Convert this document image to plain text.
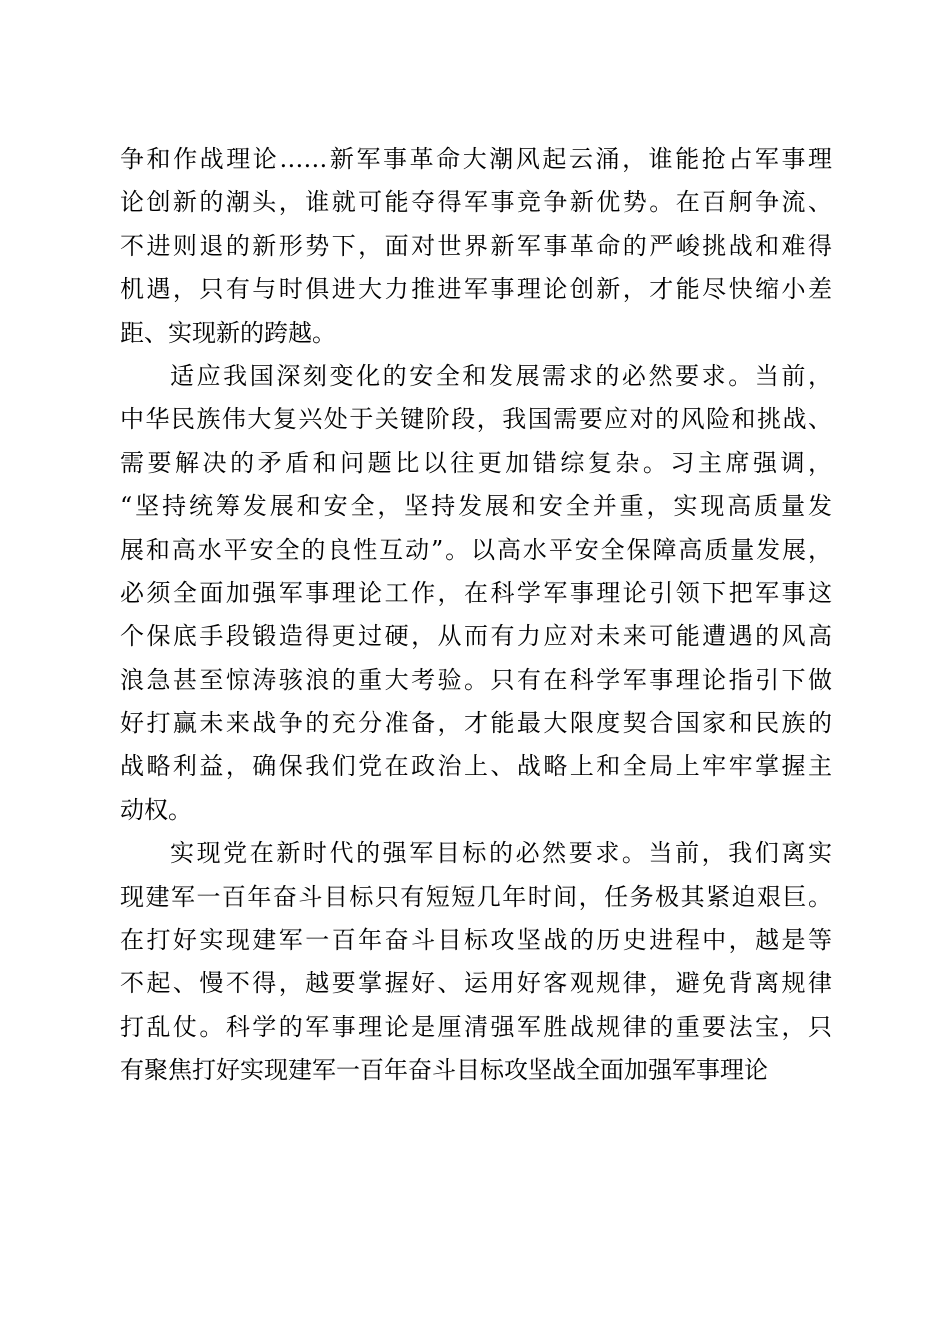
争和作战理论……新军事革命大潮风起云涌，谁能抢占军事理
论创新的潮头，谁就可能夺得军事竞争新优势。在百舸争流、
不进则退的新形势下，面对世界新军事革命的严峻挑战和难得
机遇，只有与时俱进大力推进军事理论创新，才能尽快缩小差
距、实现新的跨越。
适应我国深刻变化的安全和发展需求的必然要求。当前，
中华民族伟大复兴处于关键阶段，我国需要应对的风险和挑战、
需要解决的矛盾和问题比以往更加错综复杂。习主席强调，
“坚持统筹发展和安全，坚持发展和安全并重，实现高质量发
展和高水平安全的良性互动”。以高水平安全保障高质量发展，
必须全面加强军事理论工作，在科学军事理论引领下把军事这
个保底手段锻造得更过硬，从而有力应对未来可能遭遇的风高
浪急甚至惊涛骇浪的重大考验。只有在科学军事理论指引下做
好打赢未来战争的充分准备，才能最大限度契合国家和民族的
战略利益，确保我们党在政治上、战略上和全局上牢牢掌握主
动权。
实现党在新时代的强军目标的必然要求。当前，我们离实
现建军一百年奋斗目标只有短短几年时间，任务极其紧迫艰巨。
在打好实现建军一百年奋斗目标攻坚战的历史进程中，越是等
不起、慢不得，越要掌握好、运用好客观规律，避免背离规律
打乱仗。科学的军事理论是厘清强军胜战规律的重要法宝，只
有聚焦打好实现建军一百年奋斗目标攻坚战全面加强军事理论
